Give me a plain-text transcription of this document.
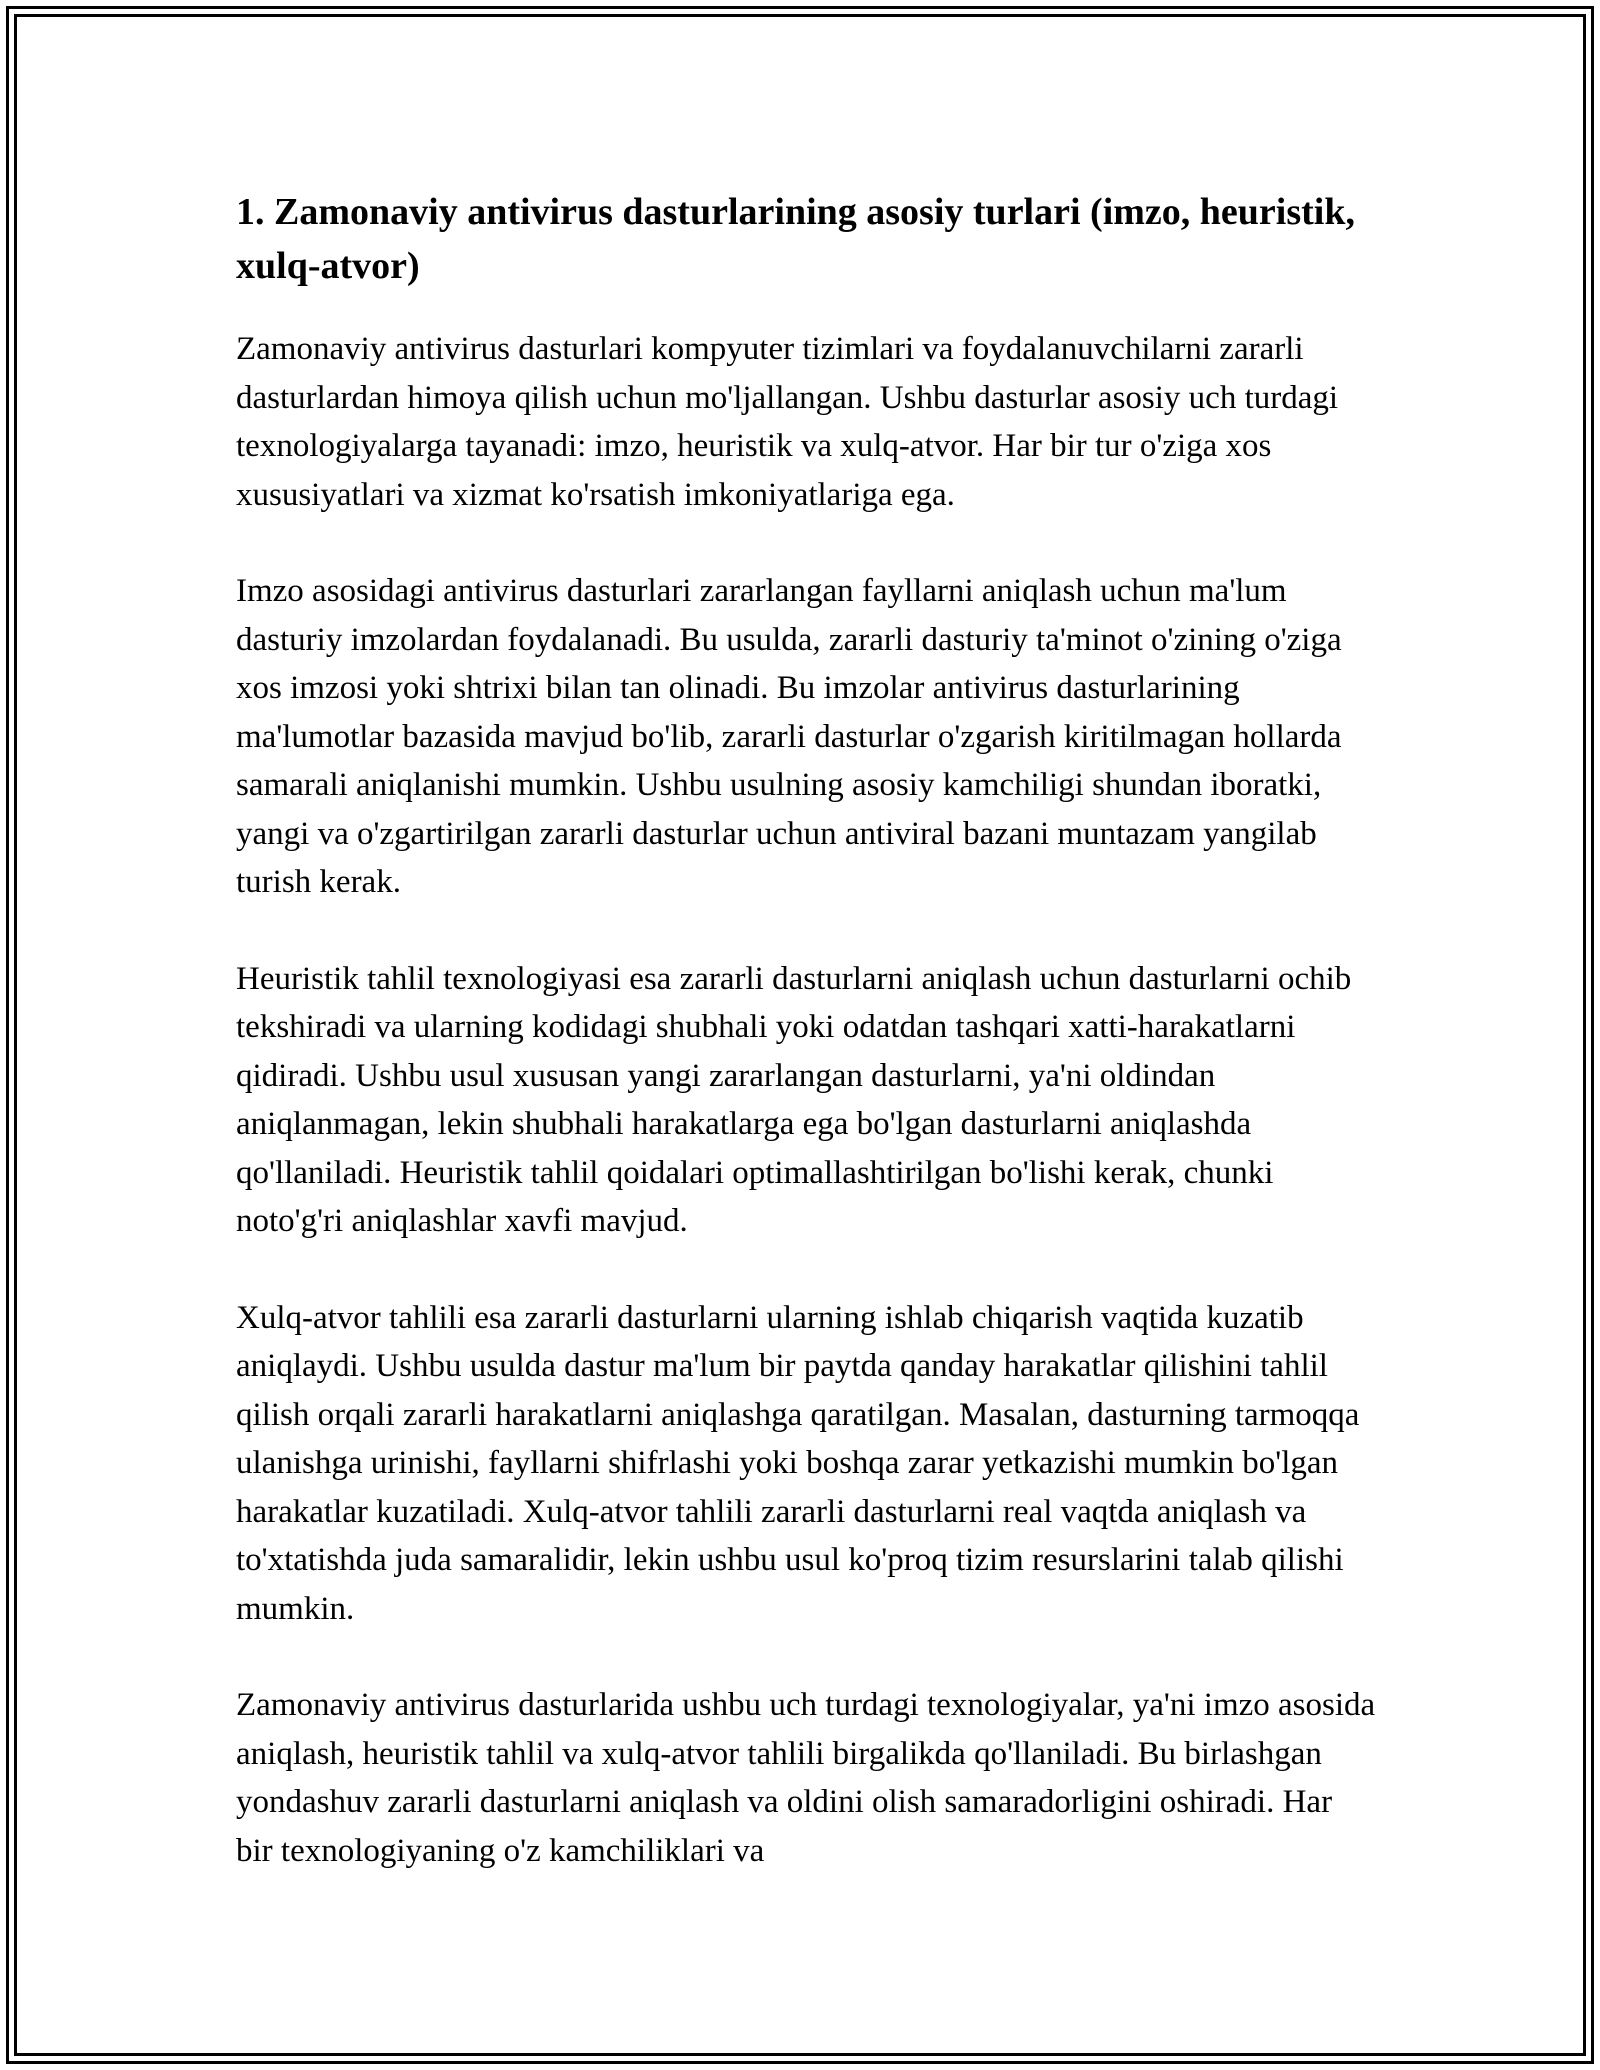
1. Zamonaviy antivirus dasturlarining asosiy turlari (imzo, heuristik, xulq-atvor)

Zamonaviy antivirus dasturlari kompyuter tizimlari va foydalanuvchilarni zararli dasturlardan himoya qilish uchun mo'ljallangan. Ushbu dasturlar asosiy uch turdagi texnologiyalarga tayanadi: imzo, heuristik va xulq-atvor. Har bir tur o'ziga xos xususiyatlari va xizmat ko'rsatish imkoniyatlariga ega.

Imzo asosidagi antivirus dasturlari zararlangan fayllarni aniqlash uchun ma'lum dasturiy imzolardan foydalanadi. Bu usulda, zararli dasturiy ta'minot o'zining o'ziga xos imzosi yoki shtrixi bilan tan olinadi. Bu imzolar antivirus dasturlarining ma'lumotlar bazasida mavjud bo'lib, zararli dasturlar o'zgarish kiritilmagan hollarda samarali aniqlanishi mumkin. Ushbu usulning asosiy kamchiligi shundan iboratki, yangi va o'zgartirilgan zararli dasturlar uchun antiviral bazani muntazam yangilab turish kerak.

Heuristik tahlil texnologiyasi esa zararli dasturlarni aniqlash uchun dasturlarni ochib tekshiradi va ularning kodidagi shubhali yoki odatdan tashqari xatti-harakatlarni qidiradi. Ushbu usul xususan yangi zararlangan dasturlarni, ya'ni oldindan aniqlanmagan, lekin shubhali harakatlarga ega bo'lgan dasturlarni aniqlashda qo'llaniladi. Heuristik tahlil qoidalari optimallashtirilgan bo'lishi kerak, chunki noto'g'ri aniqlashlar xavfi mavjud.

Xulq-atvor tahlili esa zararli dasturlarni ularning ishlab chiqarish vaqtida kuzatib aniqlaydi. Ushbu usulda dastur ma'lum bir paytda qanday harakatlar qilishini tahlil qilish orqali zararli harakatlarni aniqlashga qaratilgan. Masalan, dasturning tarmoqqa ulanishga urinishi, fayllarni shifrlashi yoki boshqa zarar yetkazishi mumkin bo'lgan harakatlar kuzatiladi. Xulq-atvor tahlili zararli dasturlarni real vaqtda aniqlash va to'xtatishda juda samaralidir, lekin ushbu usul ko'proq tizim resurslarini talab qilishi mumkin.

Zamonaviy antivirus dasturlarida ushbu uch turdagi texnologiyalar, ya'ni imzo asosida aniqlash, heuristik tahlil va xulq-atvor tahlili birgalikda qo'llaniladi. Bu birlashgan yondashuv zararli dasturlarni aniqlash va oldini olish samaradorligini oshiradi. Har bir texnologiyaning o'z kamchiliklari va
